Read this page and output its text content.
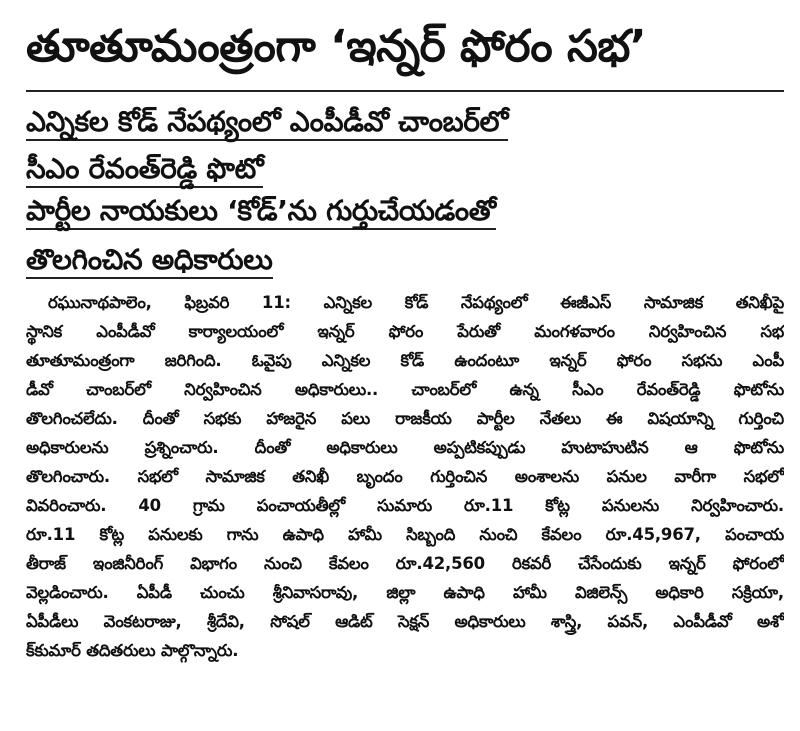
తూతూమంత్రంగా ‘ఇన్నర్ ఫోరం సభ’
ఎన్నికల కోడ్ నేపథ్యంలో ఎంపీడీవో చాంబర్‌లో
సీఎం రేవంత్‌రెడ్డి ఫొటో
పార్టీల నాయకులు ‘కోడ్’ను గుర్తుచేయడంతో
తొలగించిన అధికారులు
రఘునాథపాలెం, ఫిబ్రవరి 11: ఎన్నికల కోడ్ నేపథ్యంలో ఈజీఎస్ సామాజిక తనిఖీపై
స్థానిక ఎంపీడీవో కార్యాలయంలో ఇన్నర్ ఫోరం పేరుతో మంగళవారం నిర్వహించిన సభ
తూతూమంత్రంగా జరిగింది. ఓవైపు ఎన్నికల కోడ్ ఉందంటూ ఇన్నర్ ఫోరం సభను ఎంపీ
డీవో చాంబర్‌లో నిర్వహించిన అధికారులు.. చాంబర్‌లో ఉన్న సీఎం రేవంత్‌రెడ్డి ఫొటోను
తొలగించలేదు. దీంతో సభకు హాజరైన పలు రాజకీయ పార్టీల నేతలు ఈ విషయాన్ని గుర్తించి
అధికారులను ప్రశ్నించారు. దీంతో అధికారులు అప్పటికప్పుడు హుటాహుటిన ఆ ఫొటోను
తొలగించారు. సభలో సామాజిక తనిఖీ బృందం గుర్తించిన అంశాలను పనుల వారీగా సభలో
వివరించారు. 40 గ్రామ పంచాయతీల్లో సుమారు రూ.11 కోట్ల పనులను నిర్వహించారు.
రూ.11 కోట్ల పనులకు గాను ఉపాధి హామీ సిబ్బంది నుంచి కేవలం రూ.45,967, పంచాయ
తీరాజ్ ఇంజినీరింగ్ విభాగం నుంచి కేవలం రూ.42,560 రికవరీ చేసేందుకు ఇన్నర్ ఫోరంలో
వెల్లడించారు. ఏపీడీ చుంచు శ్రీనివాసరావు, జిల్లా ఉపాధి హామీ విజిలెన్స్ అధికారి సక్రియా,
ఏపీడీలు వెంకటరాజు, శ్రీదేవి, సోషల్ ఆడిట్ సెక్షన్ అధికారులు శాస్త్రి, పవన్, ఎంపీడీవో అశో
క్‌కుమార్ తదితరులు పాల్గొన్నారు.
